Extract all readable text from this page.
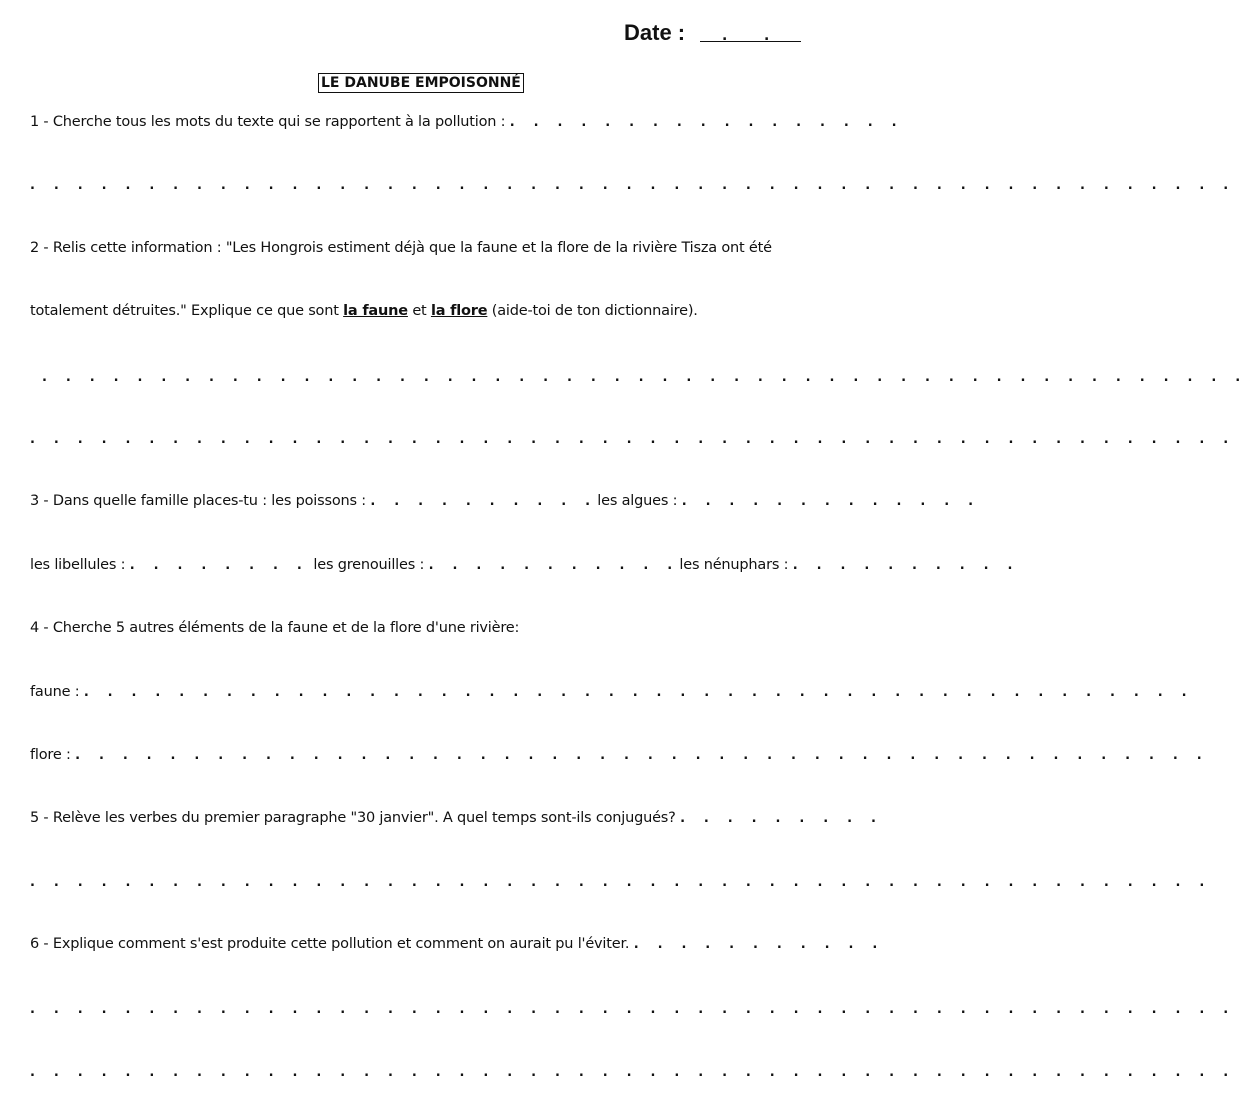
Date :	.	.
LE DANUBE EMPOISONNÉ
1 - Cherche tous les mots du texte qui se rapportent à la pollution : . . . . . . . . . . . . . . . . .
. . . . . . . . . . . . . . . . . . . . . . . . . . . . . . . . . . . . . . . . . . . . . . . . . . .
2 - Relis cette information : "Les Hongrois estiment déjà que la faune et la flore de la rivière Tisza ont été
totalement détruites." Explique ce que sont la faune et la flore (aide-toi de ton dictionnaire).
. . . . . . . . . . . . . . . . . . . . . . . . . . . . . . . . . . . . . . . . . . . . . . . . . . .
. . . . . . . . . . . . . . . . . . . . . . . . . . . . . . . . . . . . . . . . . . . . . . . . . . .
3 - Dans quelle famille places-tu : les poissons : . . . . . . . . . .les algues : . . . . . . . . . . . . .
les libellules : . . . . . . . . les grenouilles : . . . . . . . . . . .les nénuphars : . . . . . . . . . .
4 - Cherche 5 autres éléments de la faune et de la flore d'une rivière:
faune : . . . . . . . . . . . . . . . . . . . . . . . . . . . . . . . . . . . . . . . . . . . . . . .
flore : . . . . . . . . . . . . . . . . . . . . . . . . . . . . . . . . . . . . . . . . . . . . . . . .
5 - Relève les verbes du premier paragraphe "30 janvier". A quel temps sont-ils conjugués? . . . . . . . . .
. . . . . . . . . . . . . . . . . . . . . . . . . . . . . . . . . . . . . . . . . . . . . . . . . .
6 - Explique comment s'est produite cette pollution et comment on aurait pu l'éviter. . . . . . . . . . . .
. . . . . . . . . . . . . . . . . . . . . . . . . . . . . . . . . . . . . . . . . . . . . . . . . . .
. . . . . . . . . . . . . . . . . . . . . . . . . . . . . . . . . . . . . . . . . . . . . . . . . . .
